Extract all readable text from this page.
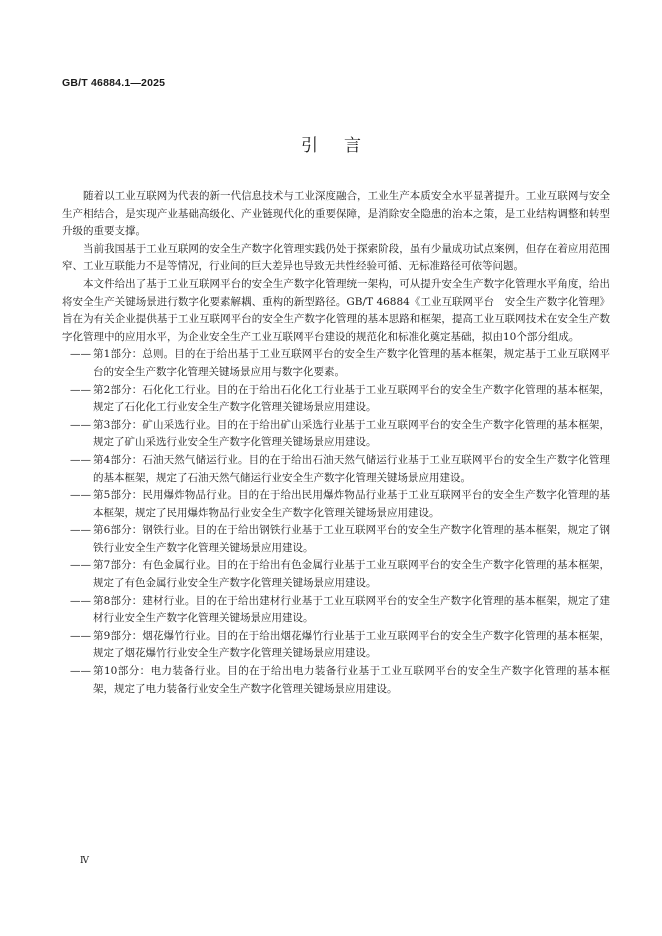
GB/T 46884.1—2025
引言

随着以工业互联网为代表的新一代信息技术与工业深度融合，工业生产本质安全水平显著提升。工业互联网与安全生产相结合，是实现产业基础高级化、产业链现代化的重要保障，是消除安全隐患的治本之策，是工业结构调整和转型升级的重要支撑。

当前我国基于工业互联网的安全生产数字化管理实践仍处于探索阶段，虽有少量成功试点案例，但存在着应用范围窄、工业互联能力不是等情况，行业间的巨大差异也导致无共性经验可循、无标准路径可依等问题。

本文件给出了基于工业互联网平台的安全生产数字化管理统一架构，可从提升安全生产数字化管理水平角度，给出将安全生产关键场景进行数字化要素解耦、重构的新型路径。GB/T 46884《工业互联网平台　安全生产数字化管理》旨在为有关企业提供基于工业互联网平台的安全生产数字化管理的基本思路和框架，提高工业互联网技术在安全生产数字化管理中的应用水平，为企业安全生产工业互联网平台建设的规范化和标准化奠定基础，拟由10个部分组成。

—— 第1部分：总则。目的在于给出基于工业互联网平台的安全生产数字化管理的基本框架，规定基于工业互联网平台的安全生产数字化管理关键场景应用与数字化要素。
—— 第2部分：石化化工行业。目的在于给出石化化工行业基于工业互联网平台的安全生产数字化管理的基本框架，规定了石化化工行业安全生产数字化管理关键场景应用建设。
—— 第3部分：矿山采选行业。目的在于给出矿山采选行业基于工业互联网平台的安全生产数字化管理的基本框架，规定了矿山采选行业安全生产数字化管理关键场景应用建设。
—— 第4部分：石油天然气储运行业。目的在于给出石油天然气储运行业基于工业互联网平台的安全生产数字化管理的基本框架，规定了石油天然气储运行业安全生产数字化管理关键场景应用建设。
—— 第5部分：民用爆炸物品行业。目的在于给出民用爆炸物品行业基于工业互联网平台的安全生产数字化管理的基本框架，规定了民用爆炸物品行业安全生产数字化管理关键场景应用建设。
—— 第6部分：钢铁行业。目的在于给出钢铁行业基于工业互联网平台的安全生产数字化管理的基本框架，规定了钢铁行业安全生产数字化管理关键场景应用建设。
—— 第7部分：有色金属行业。目的在于给出有色金属行业基于工业互联网平台的安全生产数字化管理的基本框架，规定了有色金属行业安全生产数字化管理关键场景应用建设。
—— 第8部分：建材行业。目的在于给出建材行业基于工业互联网平台的安全生产数字化管理的基本框架，规定了建材行业安全生产数字化管理关键场景应用建设。
—— 第9部分：烟花爆竹行业。目的在于给出烟花爆竹行业基于工业互联网平台的安全生产数字化管理的基本框架，规定了烟花爆竹行业安全生产数字化管理关键场景应用建设。
—— 第10部分：电力装备行业。目的在于给出电力装备行业基于工业互联网平台的安全生产数字化管理的基本框架，规定了电力装备行业安全生产数字化管理关键场景应用建设。
Ⅳ
